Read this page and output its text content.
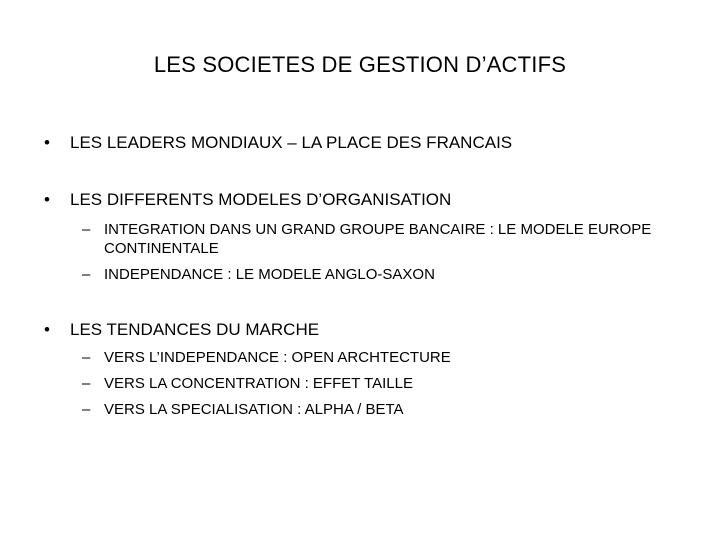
LES SOCIETES DE GESTION D’ACTIFS
•	LES LEADERS MONDIAUX – LA PLACE DES FRANCAIS
•	LES DIFFERENTS MODELES D’ORGANISATION
– INTEGRATION DANS UN GRAND GROUPE BANCAIRE : LE MODELE EUROPE CONTINENTALE
– INDEPENDANCE : LE MODELE ANGLO-SAXON
•	LES TENDANCES DU MARCHE
– VERS L’INDEPENDANCE : OPEN ARCHTECTURE
– VERS LA CONCENTRATION : EFFET TAILLE
– VERS LA SPECIALISATION : ALPHA / BETA
